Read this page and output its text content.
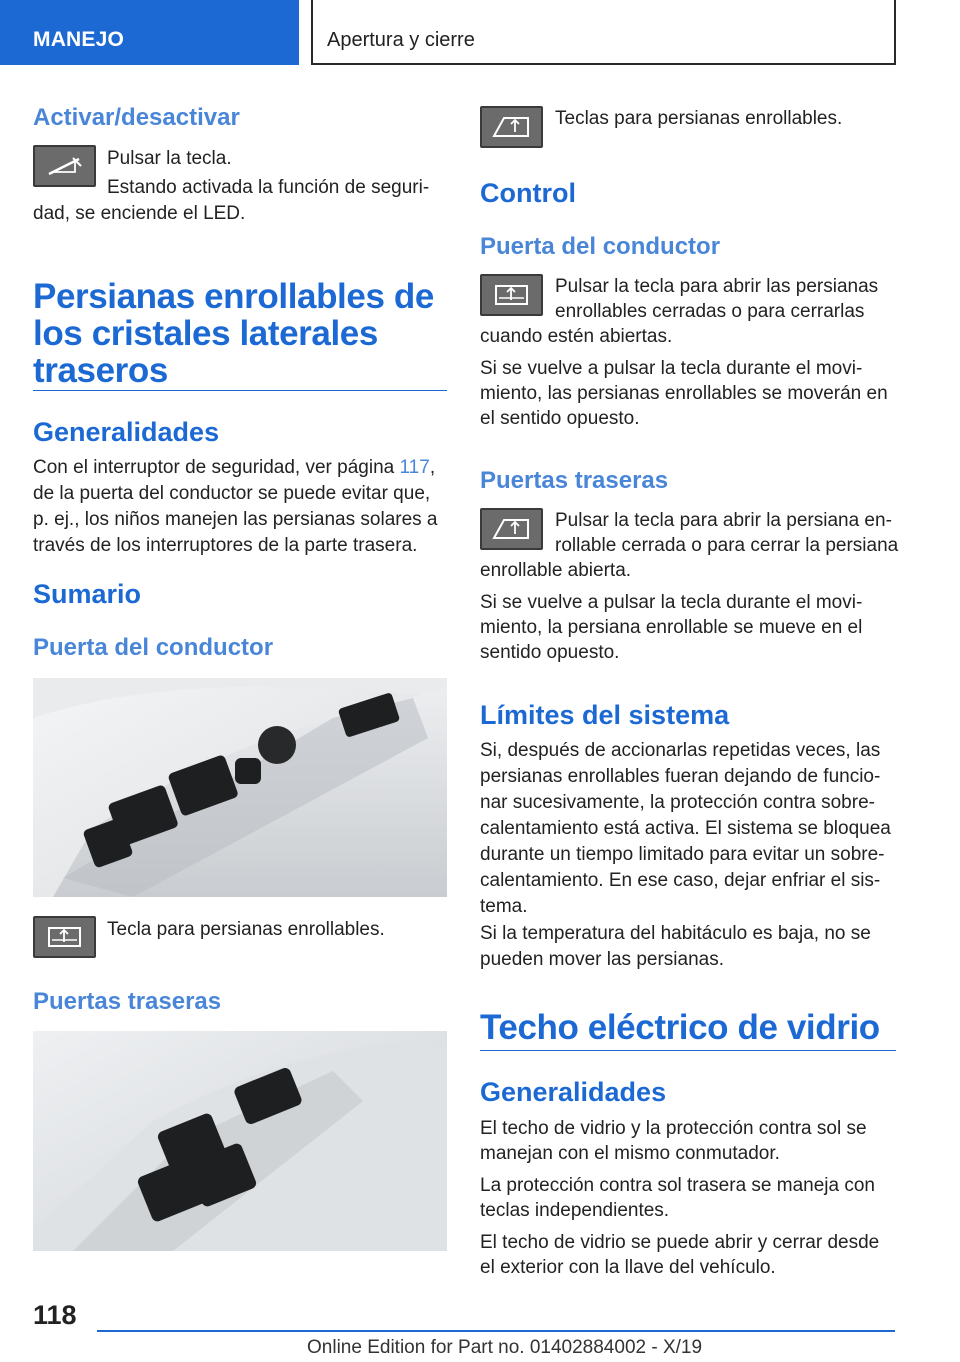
MANEJO	Apertura y cierre
Activar/desactivar
Pulsar la tecla.
Estando activada la función de seguri‐
dad, se enciende el LED.
Persianas enrollables de
los cristales laterales
traseros
Generalidades
Con el interruptor de seguridad, ver página 117,
de la puerta del conductor se puede evitar que,
p. ej., los niños manejen las persianas solares a
través de los interruptores de la parte trasera.
Sumario
Puerta del conductor
Tecla para persianas enrollables.
Puertas traseras
Teclas para persianas enrollables.
Control
Puerta del conductor
Pulsar la tecla para abrir las persianas
enrollables cerradas o para cerrarlas
cuando estén abiertas.
Si se vuelve a pulsar la tecla durante el movi‐
miento, las persianas enrollables se moverán en
el sentido opuesto.
Puertas traseras
Pulsar la tecla para abrir la persiana en‐
rollable cerrada o para cerrar la persiana
enrollable abierta.
Si se vuelve a pulsar la tecla durante el movi‐
miento, la persiana enrollable se mueve en el
sentido opuesto.
Límites del sistema
Si, después de accionarlas repetidas veces, las
persianas enrollables fueran dejando de funcio‐
nar sucesivamente, la protección contra sobre‐
calentamiento está activa. El sistema se bloquea
durante un tiempo limitado para evitar un sobre‐
calentamiento. En ese caso, dejar enfriar el sis‐
tema.
Si la temperatura del habitáculo es baja, no se
pueden mover las persianas.
Techo eléctrico de vidrio
Generalidades
El techo de vidrio y la protección contra sol se
manejan con el mismo conmutador.
La protección contra sol trasera se maneja con
teclas independientes.
El techo de vidrio se puede abrir y cerrar desde
el exterior con la llave del vehículo.
118
Online Edition for Part no. 01402884002 - X/19
